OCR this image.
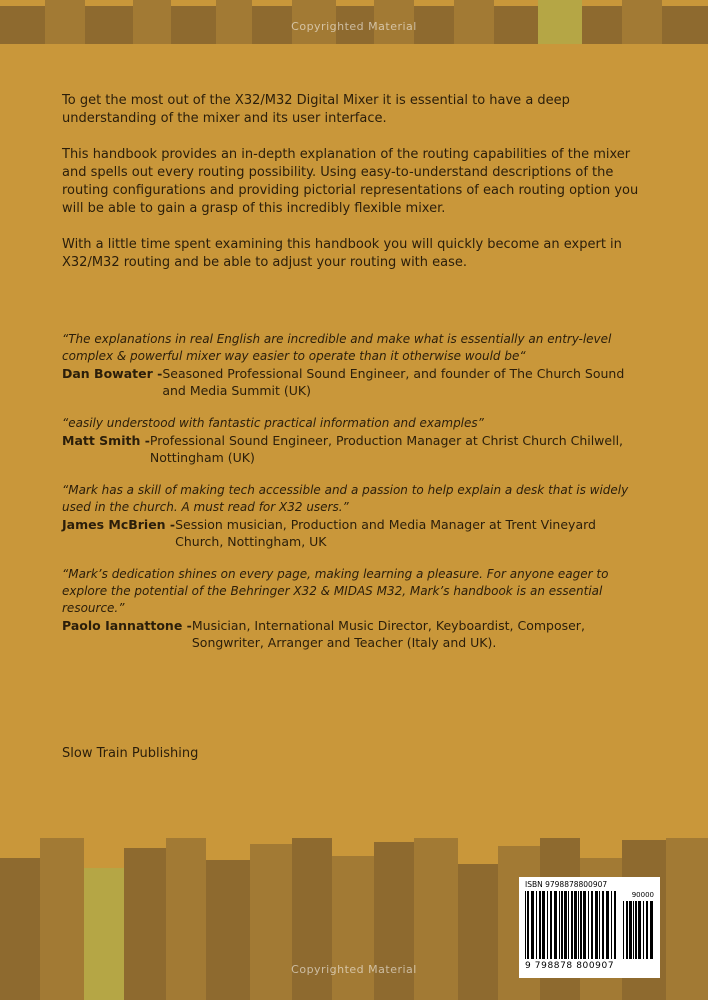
Copyrighted Material

To get the most out of the X32/M32 Digital Mixer it is essential to have a deep understanding of the mixer and its user interface.

This handbook provides an in-depth explanation of the routing capabilities of the mixer and spells out every routing possibility. Using easy-to-understand descriptions of the routing configurations and providing pictorial representations of each routing option you will be able to gain a grasp of this incredibly flexible mixer.

With a little time spent examining this handbook you will quickly become an expert in X32/M32 routing and be able to adjust your routing with ease.

“The explanations in real English are incredible and make what is essentially an entry-level complex & powerful mixer way easier to operate than it otherwise would be“

Dan Bowater - Seasoned Professional Sound Engineer, and founder of The Church Sound and Media Summit (UK)

“easily understood with fantastic practical information and examples”

Matt Smith - Professional Sound Engineer, Production Manager at Christ Church Chilwell, Nottingham (UK)

“Mark has a skill of making tech accessible and a passion to help explain a desk that is widely used in the church. A must read for X32 users.”

James McBrien - Session musician, Production and Media Manager at Trent Vineyard Church, Nottingham, UK

“Mark’s dedication shines on every page, making learning a pleasure. For anyone eager to explore the potential of the Behringer X32 & MIDAS M32, Mark’s handbook is an essential resource.”

Paolo Iannattone - Musician, International Music Director, Keyboardist, Composer, Songwriter, Arranger and Teacher (Italy and UK).

Slow Train Publishing
Copyrighted Material
ISBN 9798878800907
90000
9 798878 800907
